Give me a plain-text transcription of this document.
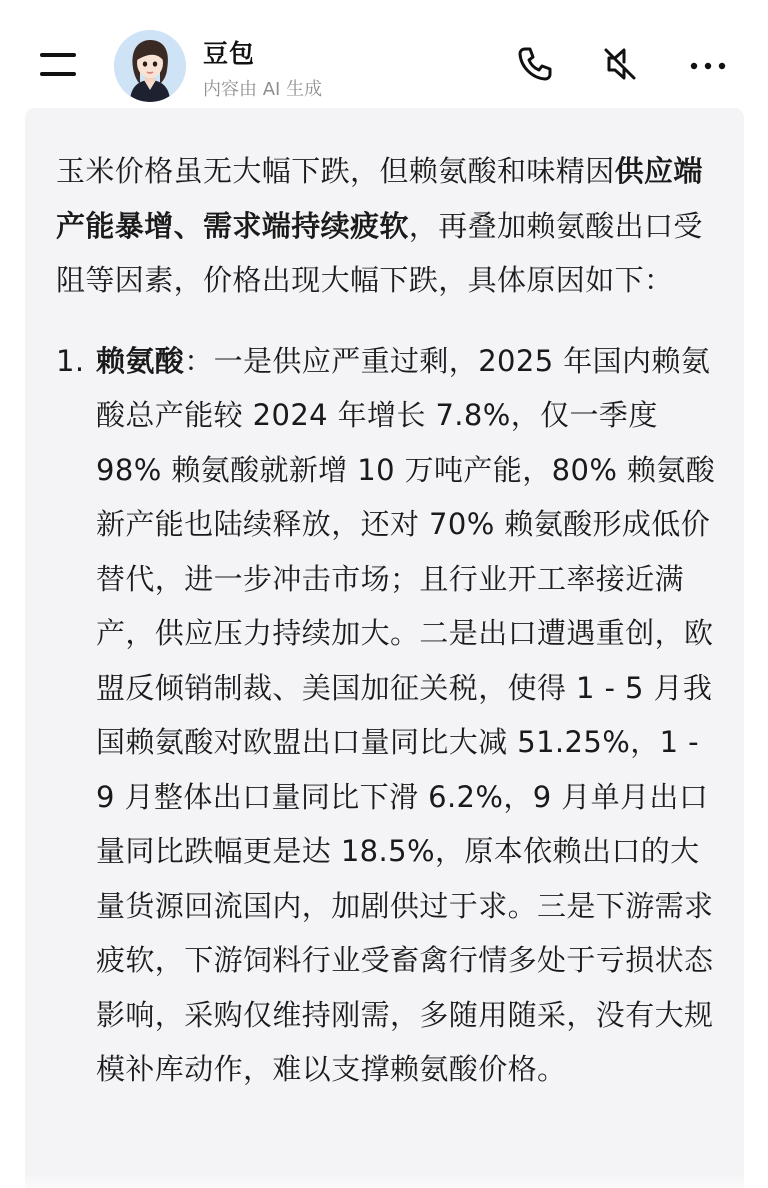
豆包
内容由 AI 生成

玉米价格虽无大幅下跌，但赖氨酸和味精因供应端产能暴增、需求端持续疲软，再叠加赖氨酸出口受阻等因素，价格出现大幅下跌，具体原因如下：

1. 赖氨酸：一是供应严重过剩，2025 年国内赖氨酸总产能较 2024 年增长 7.8%，仅一季度 98% 赖氨酸就新增 10 万吨产能，80% 赖氨酸新产能也陆续释放，还对 70% 赖氨酸形成低价替代，进一步冲击市场；且行业开工率接近满产，供应压力持续加大。二是出口遭遇重创，欧盟反倾销制裁、美国加征关税，使得 1 - 5 月我国赖氨酸对欧盟出口量同比大减 51.25%，1 - 9 月整体出口量同比下滑 6.2%，9 月单月出口量同比跌幅更是达 18.5%，原本依赖出口的大量货源回流国内，加剧供过于求。三是下游需求疲软，下游饲料行业受畜禽行情多处于亏损状态影响，采购仅维持刚需，多随用随采，没有大规模补库动作，难以支撑赖氨酸价格。
